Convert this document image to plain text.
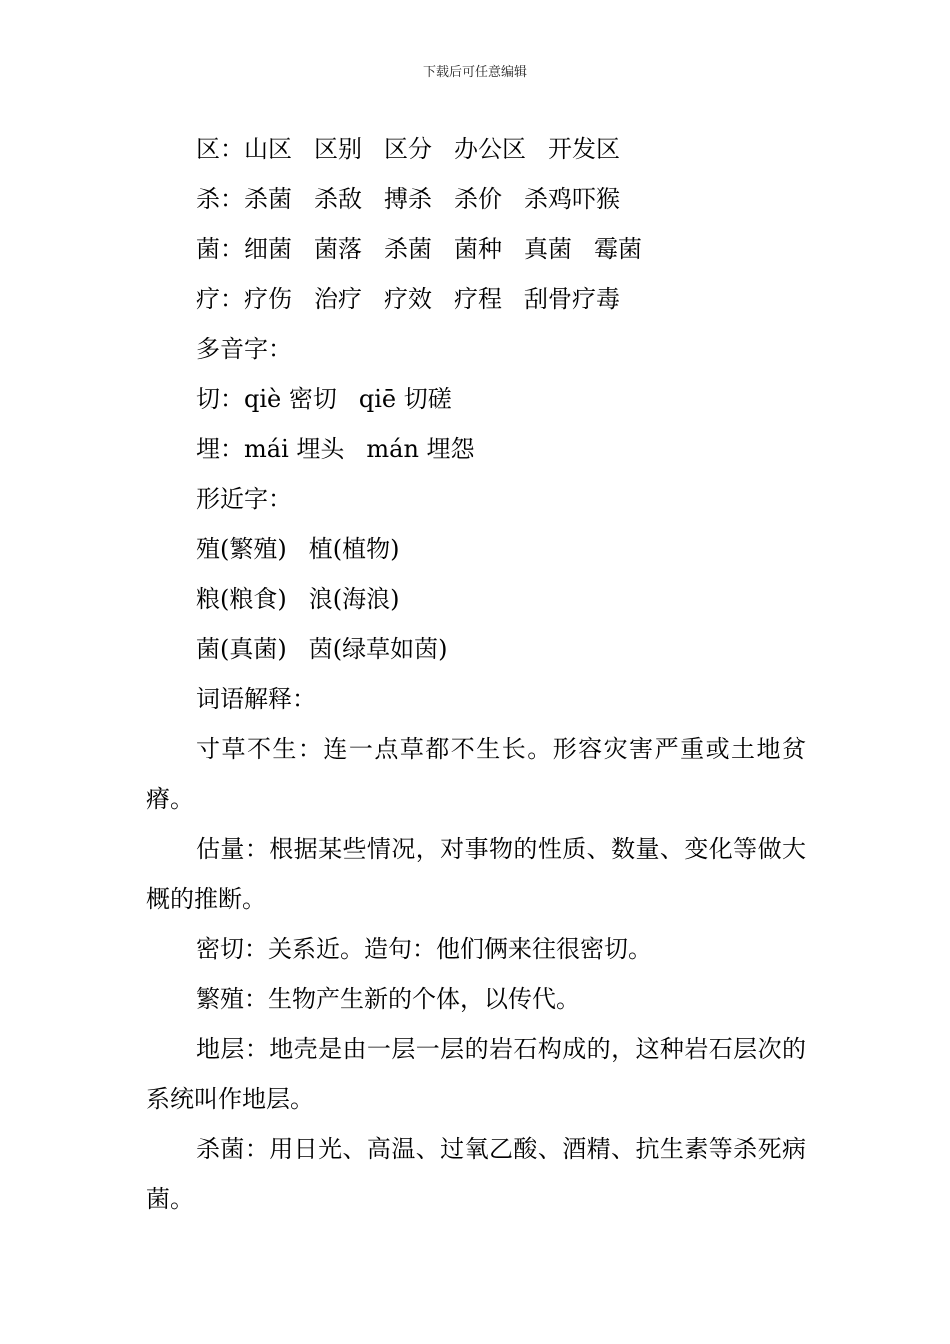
下载后可任意编辑
区：山区 区别 区分 办公区 开发区
杀：杀菌 杀敌 搏杀 杀价 杀鸡吓猴
菌：细菌 菌落 杀菌 菌种 真菌 霉菌
疗：疗伤 治疗 疗效 疗程 刮骨疗毒
多音字：
切：qiè 密切 qiē 切磋
埋：mái 埋头 mán 埋怨
形近字：
殖(繁殖) 植(植物)
粮(粮食) 浪(海浪)
菌(真菌) 茵(绿草如茵)
词语解释：

寸草不生：连一点草都不生长。形容灾害严重或土地贫瘠。

估量：根据某些情况，对事物的性质、数量、变化等做大概的推断。

密切：关系近。造句：他们俩来往很密切。

繁殖：生物产生新的个体，以传代。

地层：地壳是由一层一层的岩石构成的，这种岩石层次的系统叫作地层。

杀菌：用日光、高温、过氧乙酸、酒精、抗生素等杀死病菌。
